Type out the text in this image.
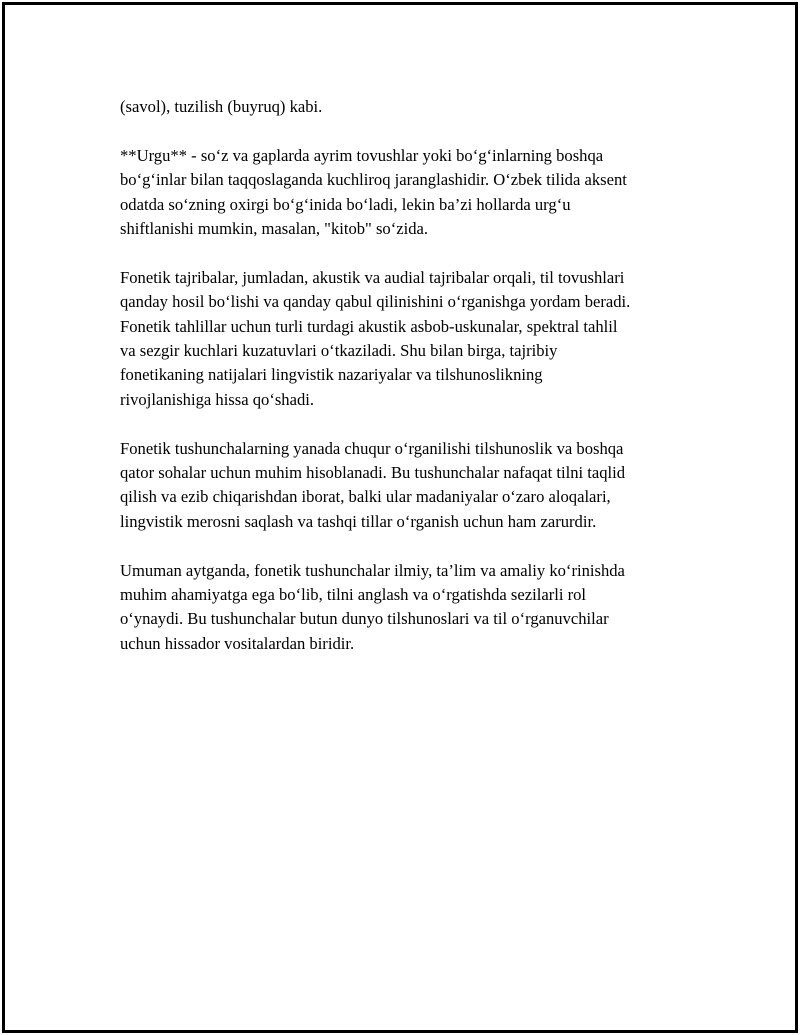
(savol), tuzilish (buyruq) kabi.

**Urgu** - so‘z va gaplarda ayrim tovushlar yoki bo‘g‘inlarning boshqa
bo‘g‘inlar bilan taqqoslaganda kuchliroq jaranglashidir. O‘zbek tilida aksent
odatda so‘zning oxirgi bo‘g‘inida bo‘ladi, lekin ba’zi hollarda urg‘u
shiftlanishi mumkin, masalan, "kitob" so‘zida.

Fonetik tajribalar, jumladan, akustik va audial tajribalar orqali, til tovushlari
qanday hosil bo‘lishi va qanday qabul qilinishini o‘rganishga yordam beradi.
Fonetik tahlillar uchun turli turdagi akustik asbob-uskunalar, spektral tahlil
va sezgir kuchlari kuzatuvlari o‘tkaziladi. Shu bilan birga, tajribiy
fonetikaning natijalari lingvistik nazariyalar va tilshunoslikning
rivojlanishiga hissa qo‘shadi.

Fonetik tushunchalarning yanada chuqur o‘rganilishi tilshunoslik va boshqa
qator sohalar uchun muhim hisoblanadi. Bu tushunchalar nafaqat tilni taqlid
qilish va ezib chiqarishdan iborat, balki ular madaniyalar o‘zaro aloqalari,
lingvistik merosni saqlash va tashqi tillar o‘rganish uchun ham zarurdir.

Umuman aytganda, fonetik tushunchalar ilmiy, ta’lim va amaliy ko‘rinishda
muhim ahamiyatga ega bo‘lib, tilni anglash va o‘rgatishda sezilarli rol
o‘ynaydi. Bu tushunchalar butun dunyo tilshunoslari va til o‘rganuvchilar
uchun hissador vositalardan biridir.
